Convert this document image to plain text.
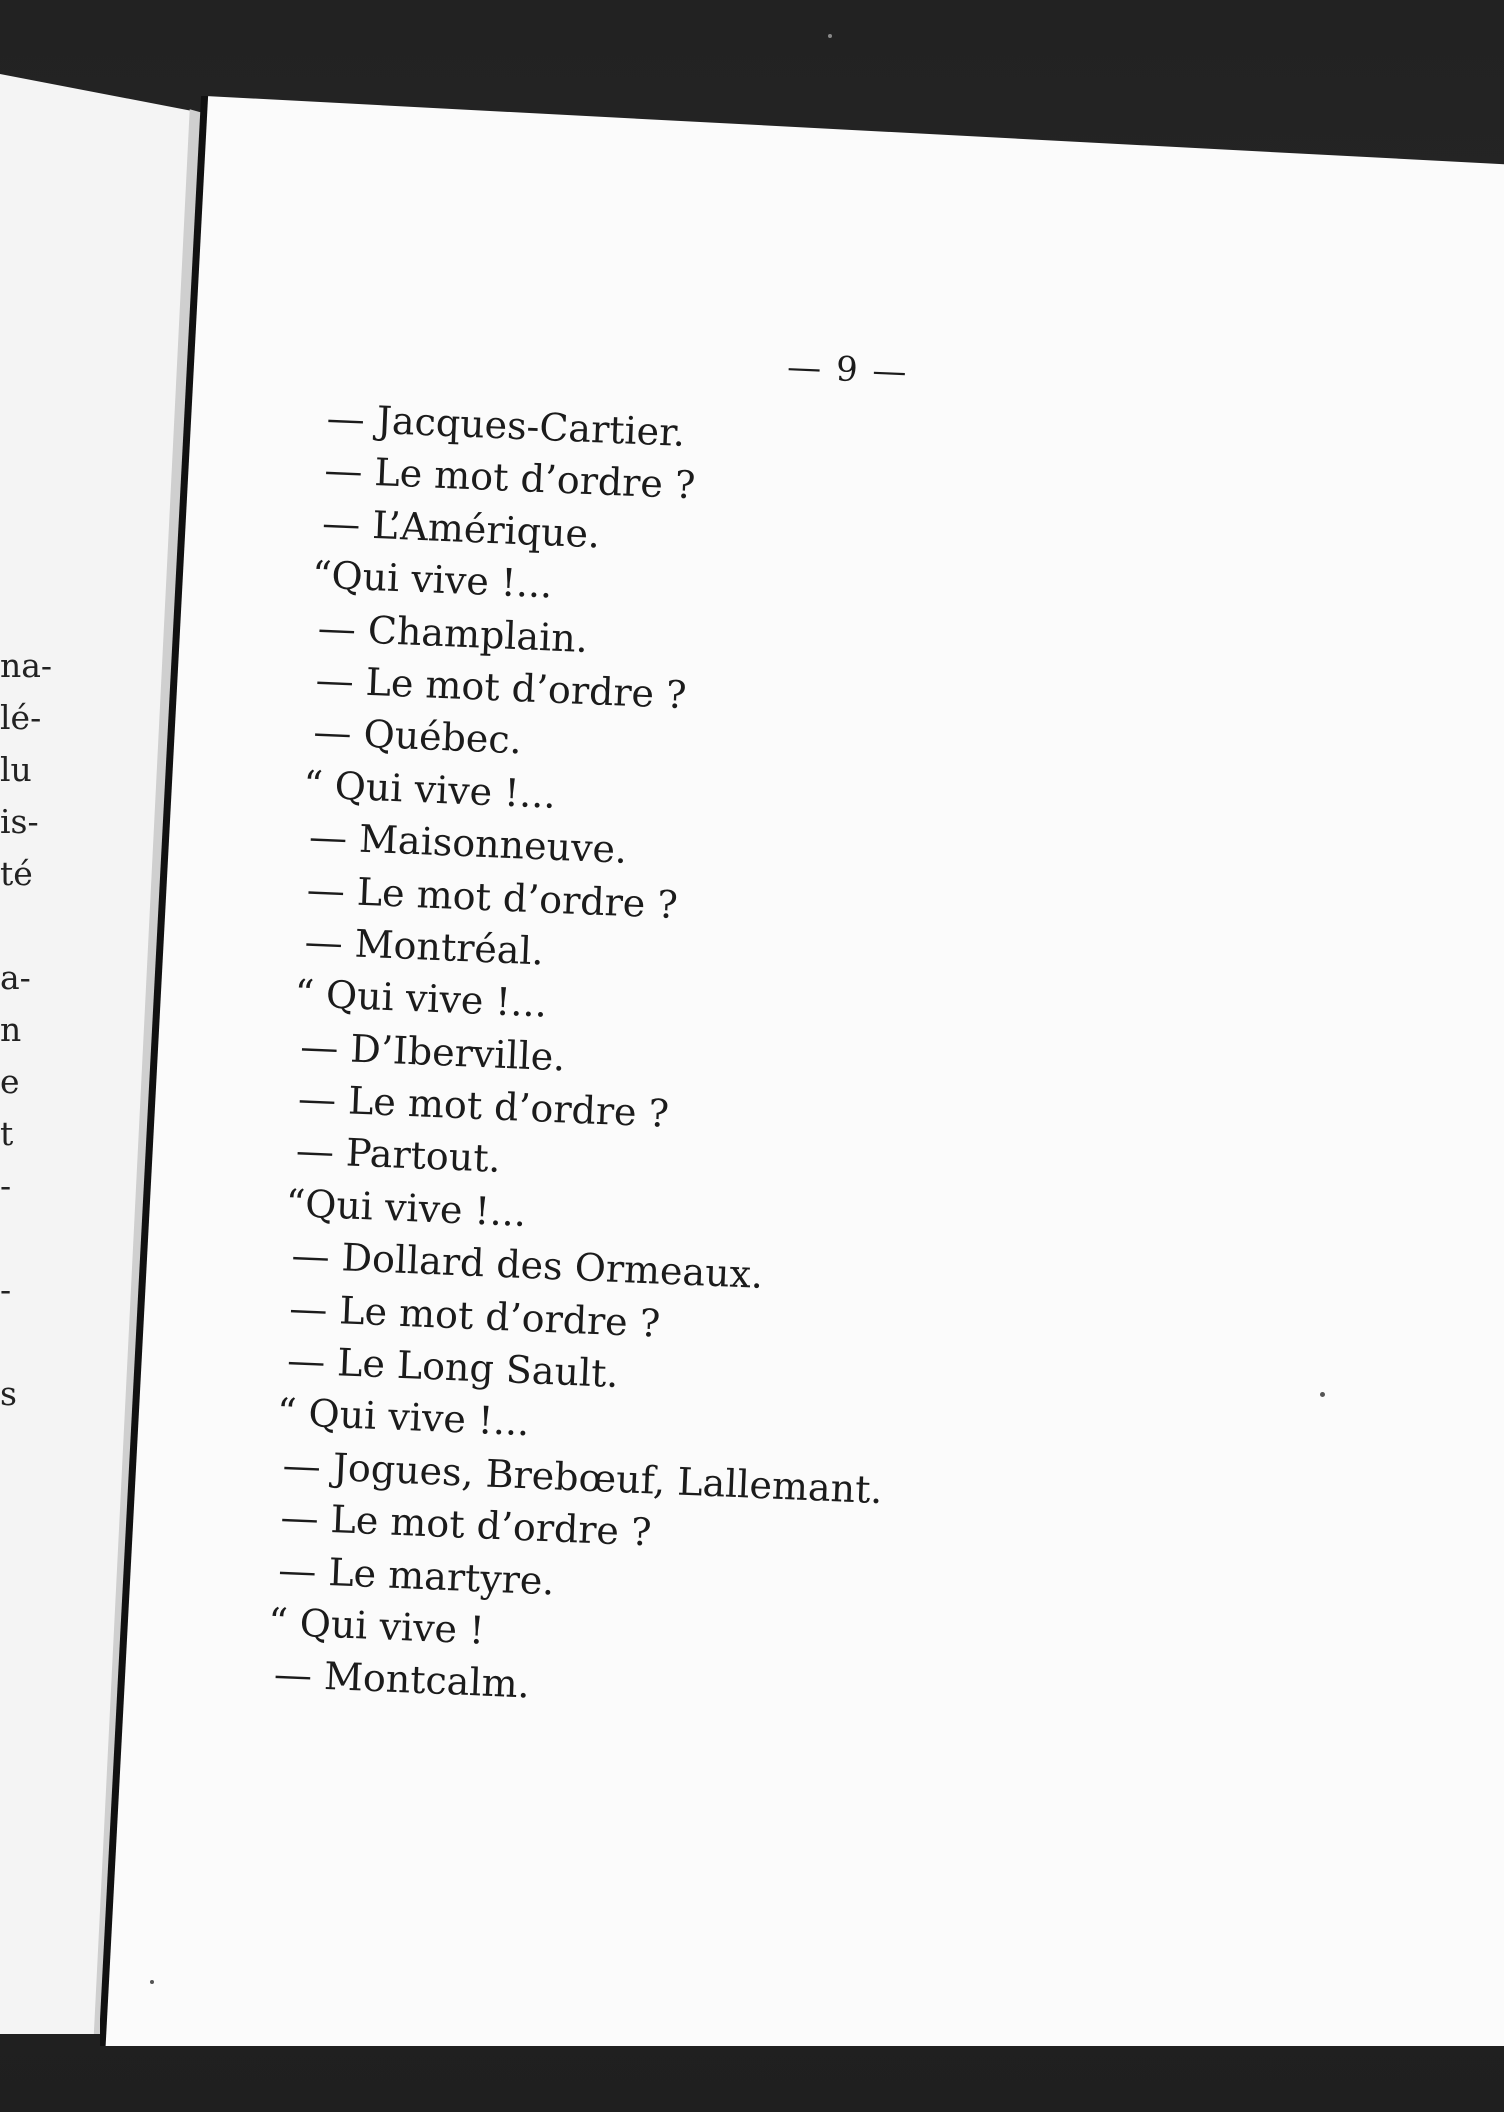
na-
lé-
lu
is-
té
a-
n
e
t
-
-
s
— 9 —
— Jacques-Cartier.
— Le mot d’ordre ?
— L’Amérique.
“Qui vive !...
— Champlain.
— Le mot d’ordre ?
— Québec.
“ Qui vive !...
— Maisonneuve.
— Le mot d’ordre ?
— Montréal.
“ Qui vive !...
— D’Iberville.
— Le mot d’ordre ?
— Partout.
“Qui vive !...
— Dollard des Ormeaux.
— Le mot d’ordre ?
— Le Long Sault.
“ Qui vive !...
— Jogues, Brebœuf, Lallemant.
— Le mot d’ordre ?
— Le martyre.
“ Qui vive !
— Montcalm.
